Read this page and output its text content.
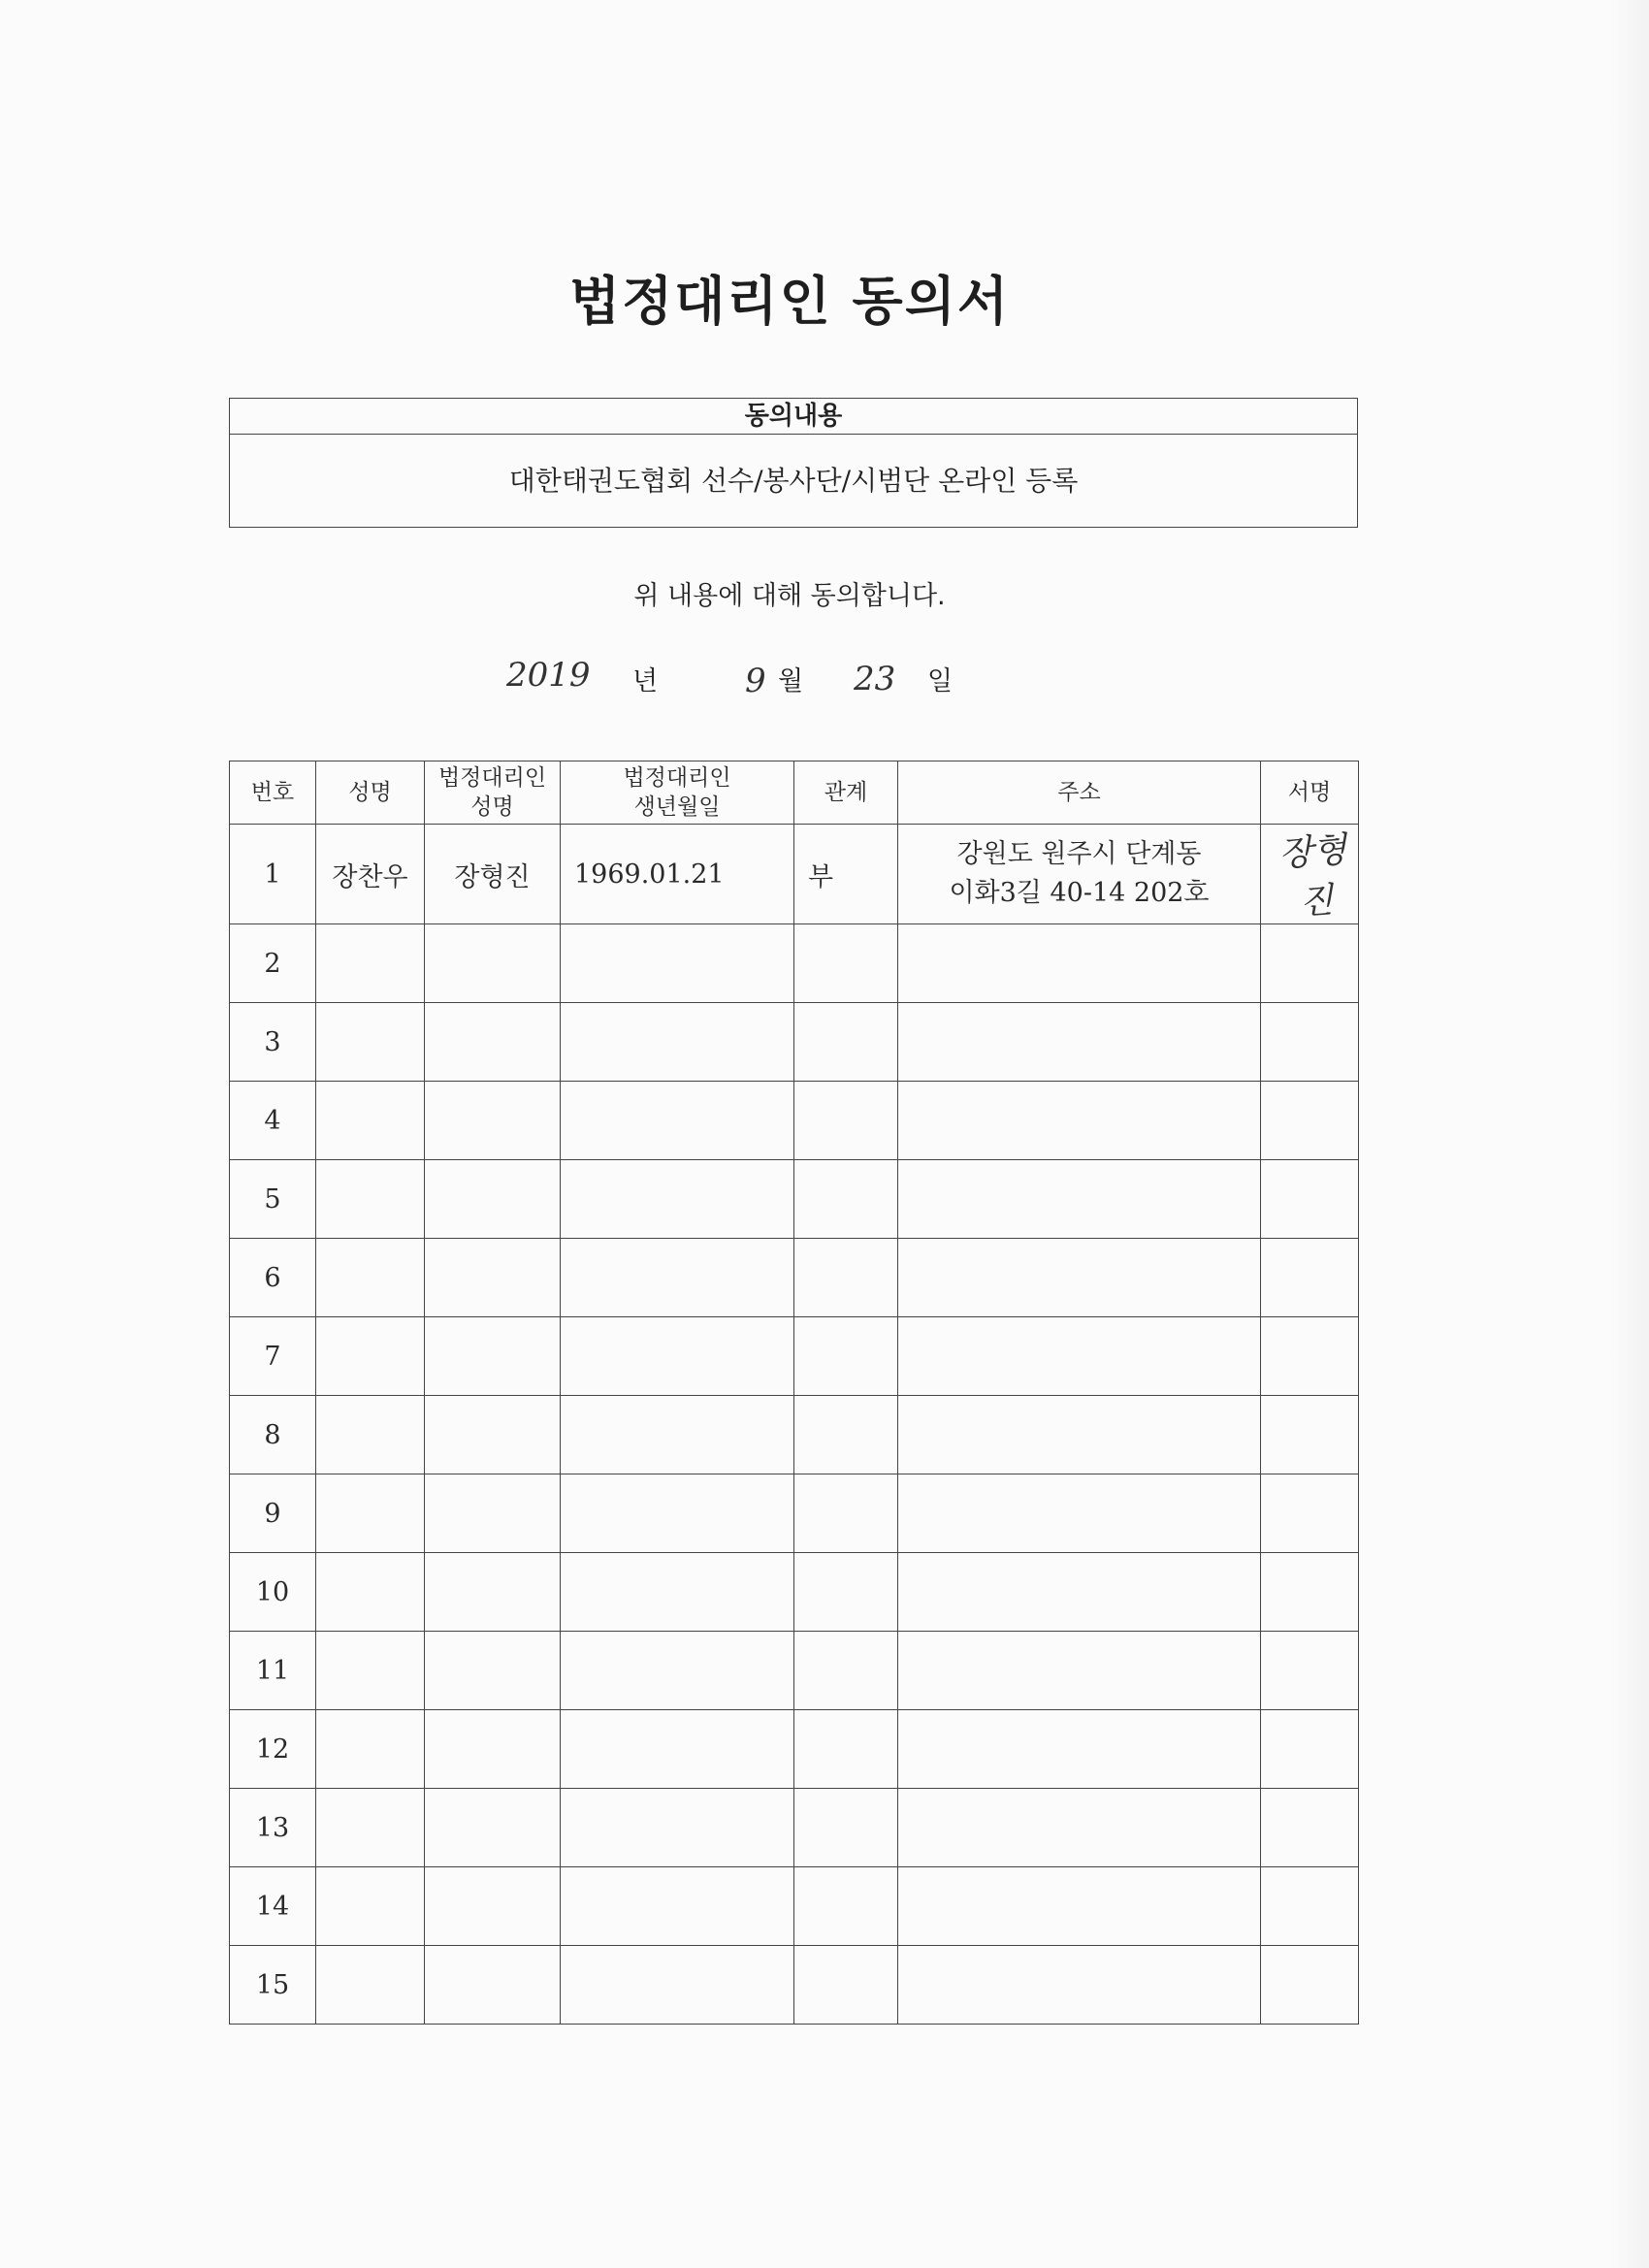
법정대리인 동의서
동의내용
대한태권도협회 선수/봉사단/시범단 온라인 등록
위 내용에 대해 동의합니다.
2019 년	9 월 23 일
번호	성명	법정대리인 성명	법정대리인 생년월일	관계	주소	서명
1	장찬우	장형진	1969.01.21	부	강원도 원주시 단계동
이화3길 40-14 202호	장형진
2						
3						
4						
5						
6						
7						
8						
9						
10						
11						
12						
13						
14						
15						
